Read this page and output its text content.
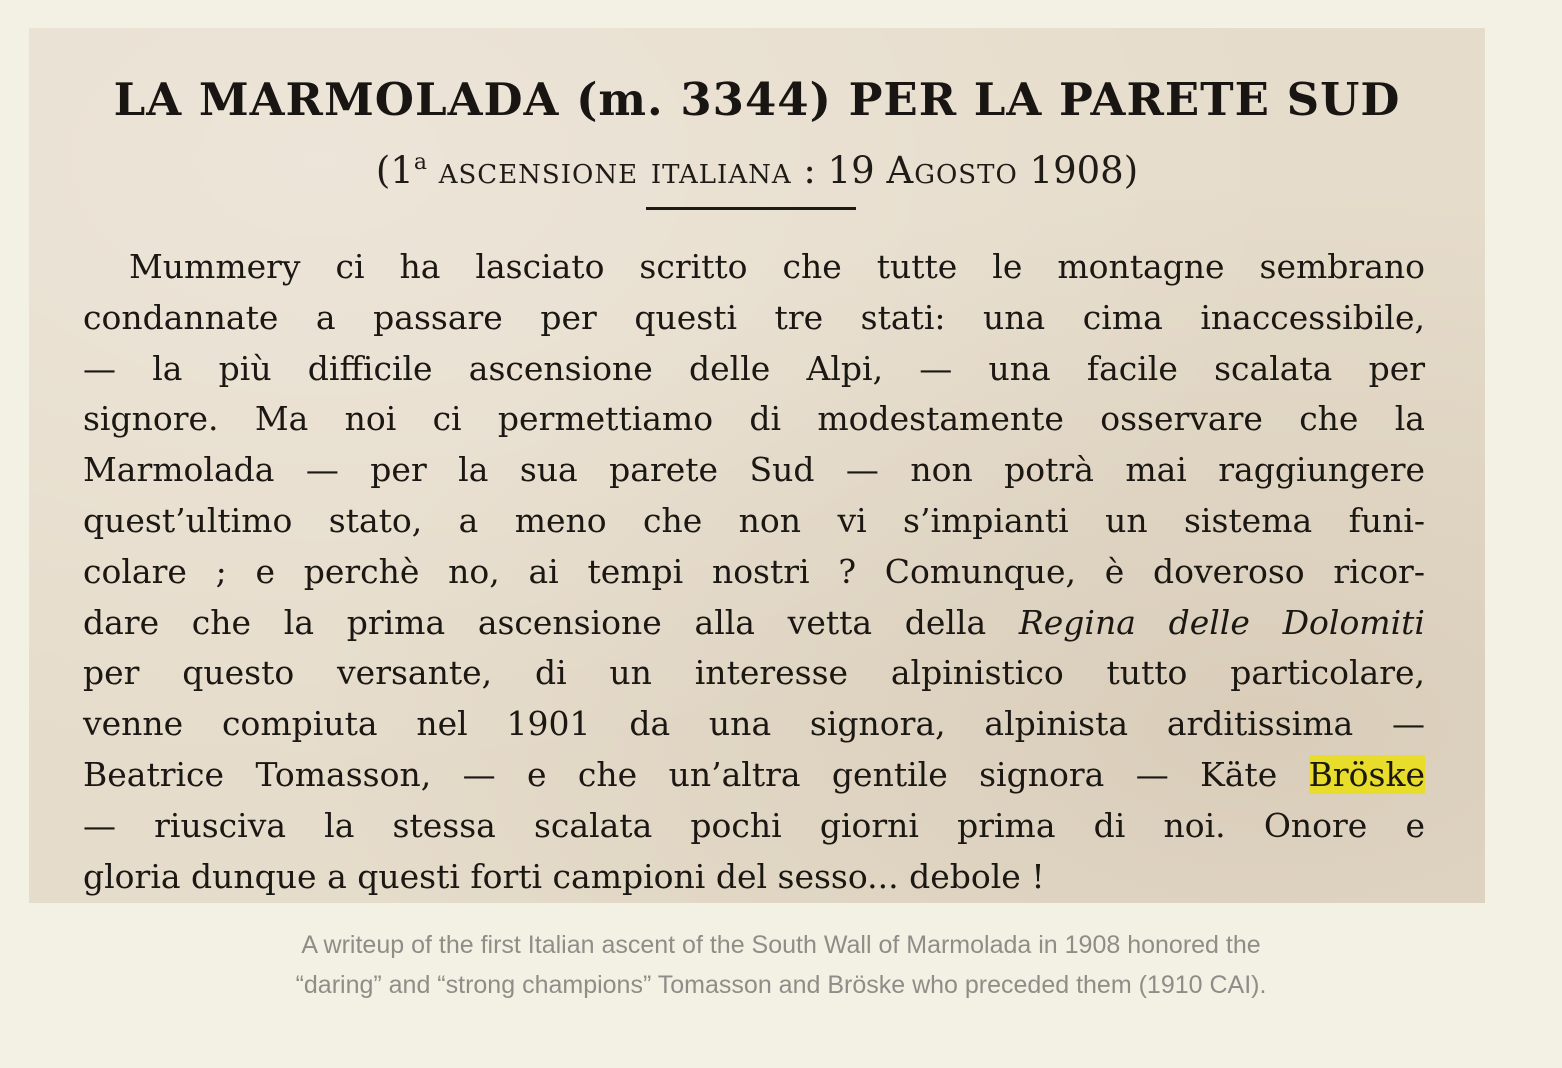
LA MARMOLADA (m. 3344) PER LA PARETE SUD
(1$^a$ ascensione italiana : 19 Agosto 1908)
Mummery ci ha lasciato scritto che tutte le montagne sembrano
condannate a passare per questi tre stati: una cima inaccessibile,
— la più difficile ascensione delle Alpi, — una facile scalata per
signore. Ma noi ci permettiamo di modestamente osservare che la
Marmolada — per la sua parete Sud — non potrà mai raggiungere
quest’ultimo stato, a meno che non vi s’impianti un sistema funi-
colare ; e perchè no, ai tempi nostri ? Comunque, è doveroso ricor-
dare che la prima ascensione alla vetta della Regina delle Dolomiti
per questo versante, di un interesse alpinistico tutto particolare,
venne compiuta nel 1901 da una signora, alpinista arditissima —
Beatrice Tomasson, — e che un’altra gentile signora — Käte Bröske
— riusciva la stessa scalata pochi giorni prima di noi. Onore e
gloria dunque a questi forti campioni del sesso... debole !
A writeup of the first Italian ascent of the South Wall of Marmolada in 1908 honored the “daring” and “strong champions” Tomasson and Bröske who preceded them (1910 CAI).
